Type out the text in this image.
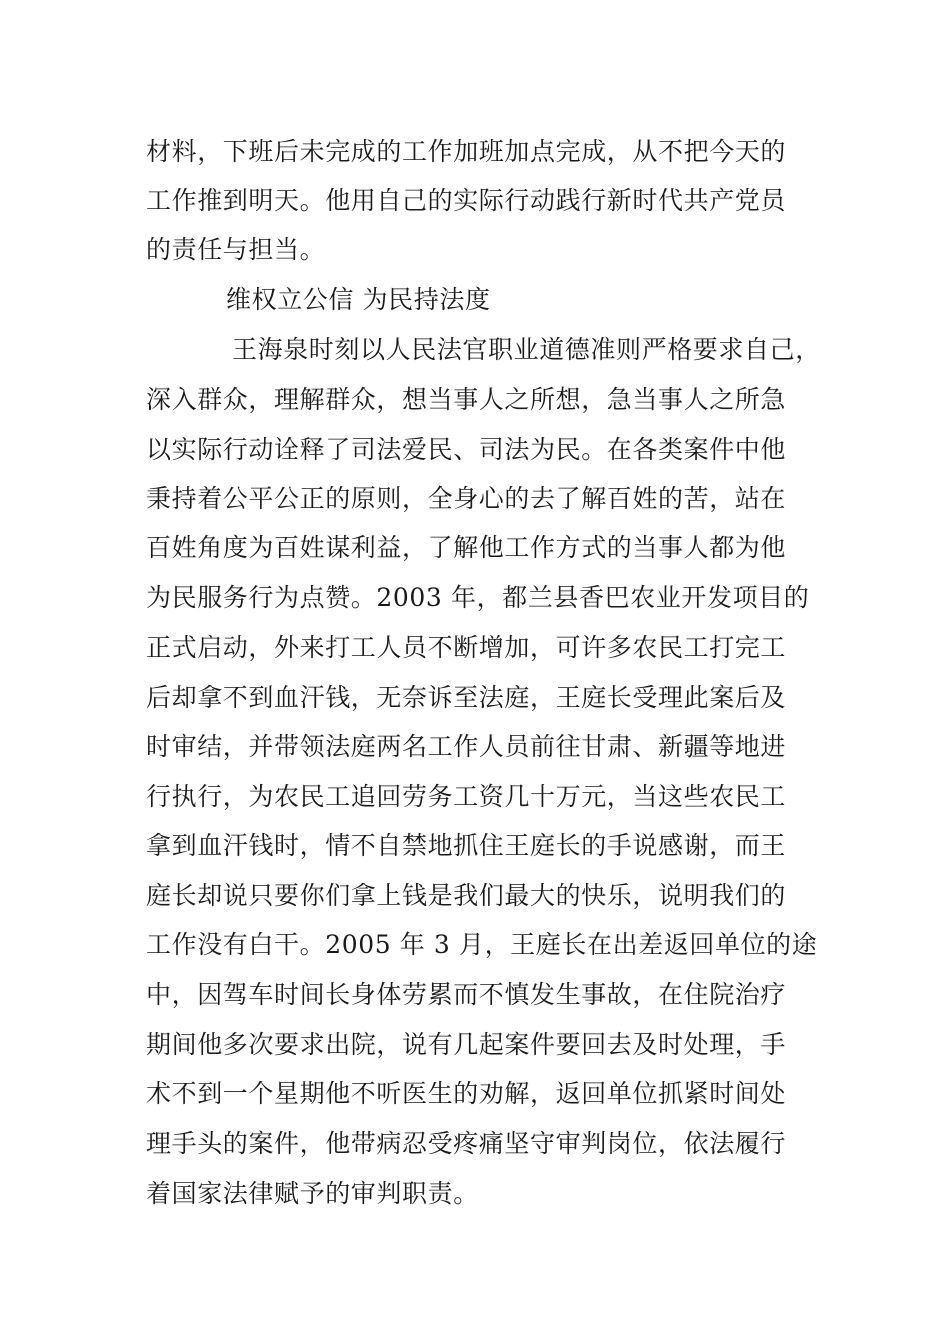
材料，下班后未完成的工作加班加点完成，从不把今天的
工作推到明天。他用自己的实际行动践行新时代共产党员
的责任与担当。
维权立公信 为民持法度
王海泉时刻以人民法官职业道德准则严格要求自己，
深入群众，理解群众，想当事人之所想，急当事人之所急
以实际行动诠释了司法爱民、司法为民。在各类案件中他
秉持着公平公正的原则，全身心的去了解百姓的苦，站在
百姓角度为百姓谋利益，了解他工作方式的当事人都为他
为民服务行为点赞。2003 年，都兰县香巴农业开发项目的
正式启动，外来打工人员不断增加，可许多农民工打完工
后却拿不到血汗钱，无奈诉至法庭，王庭长受理此案后及
时审结，并带领法庭两名工作人员前往甘肃、新疆等地进
行执行，为农民工追回劳务工资几十万元，当这些农民工
拿到血汗钱时，情不自禁地抓住王庭长的手说感谢，而王
庭长却说只要你们拿上钱是我们最大的快乐，说明我们的
工作没有白干。2005 年 3 月，王庭长在出差返回单位的途
中，因驾车时间长身体劳累而不慎发生事故，在住院治疗
期间他多次要求出院，说有几起案件要回去及时处理，手
术不到一个星期他不听医生的劝解，返回单位抓紧时间处
理手头的案件，他带病忍受疼痛坚守审判岗位，依法履行
着国家法律赋予的审判职责。
